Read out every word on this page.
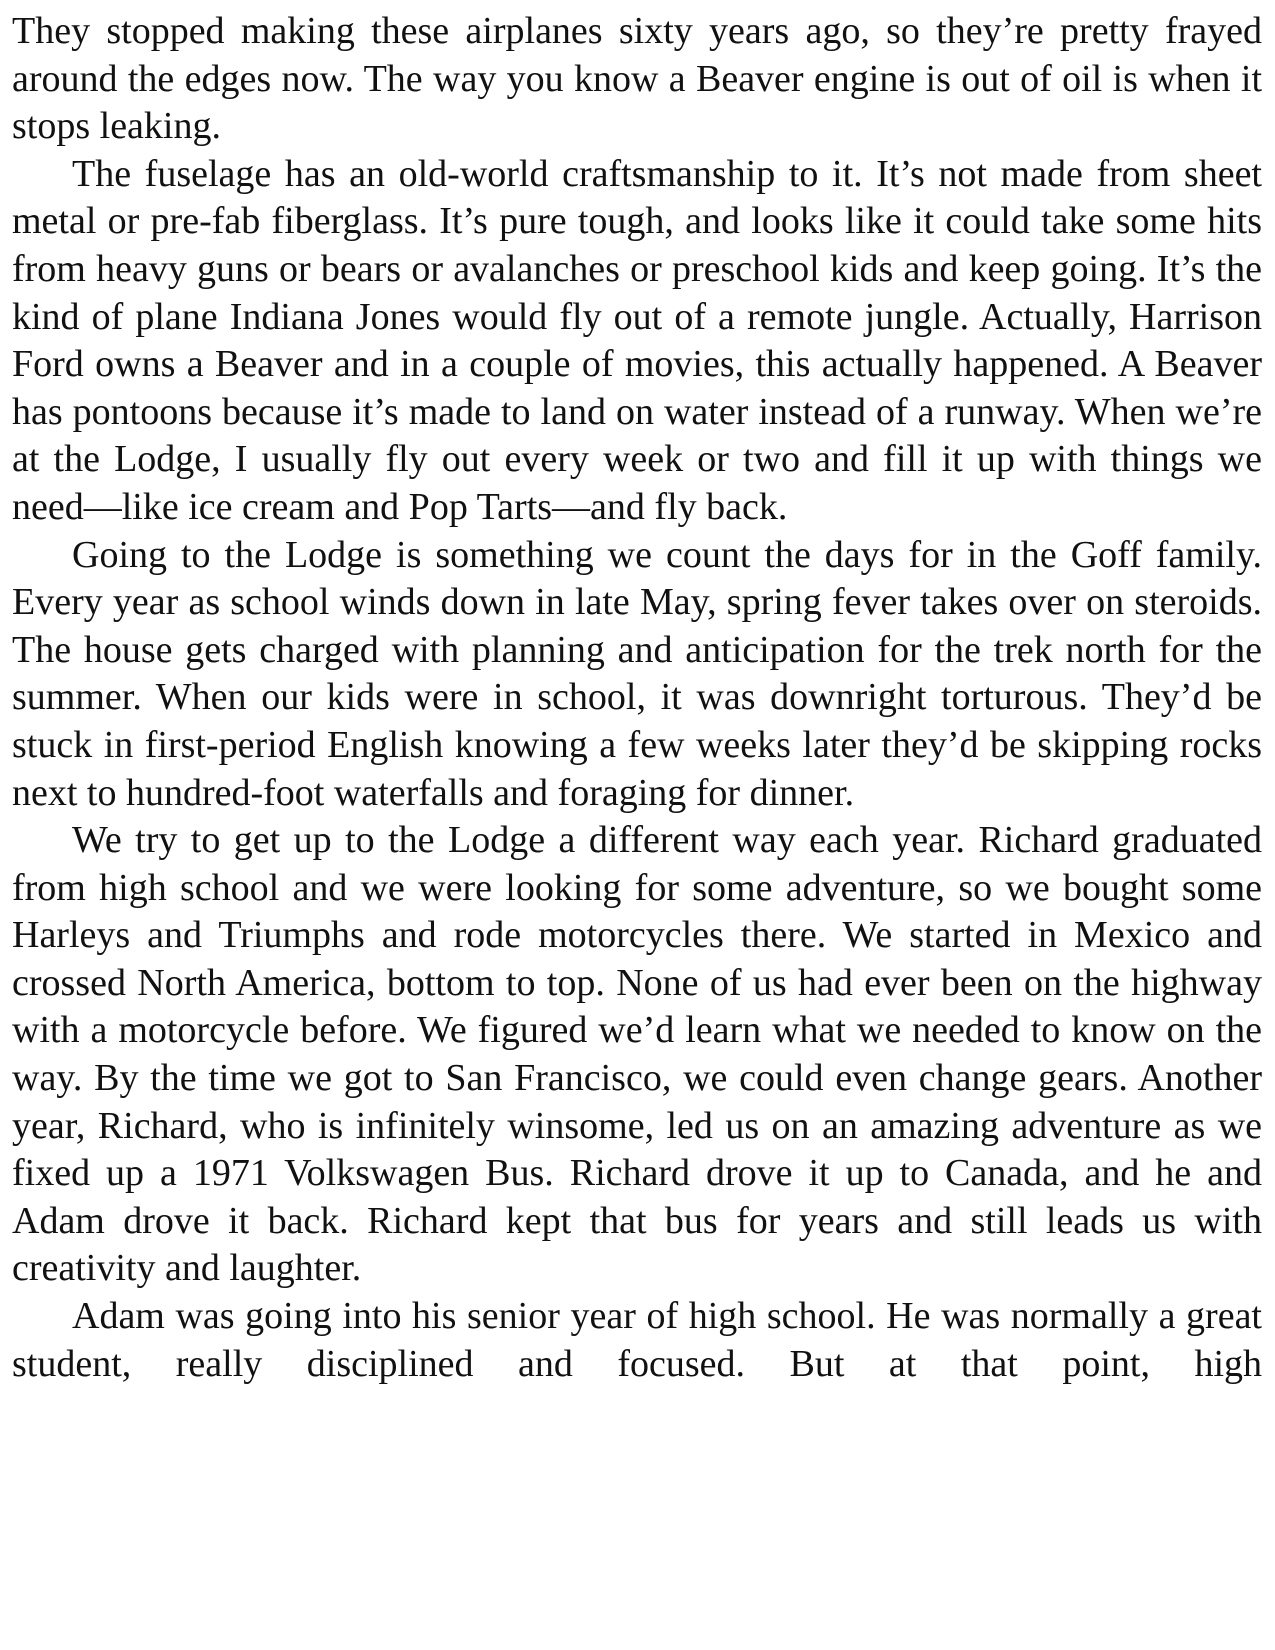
They stopped making these airplanes sixty years ago, so they’re pretty frayed around the edges now. The way you know a Beaver engine is out of oil is when it stops leaking.

The fuselage has an old-world craftsmanship to it. It’s not made from sheet metal or pre-fab fiberglass. It’s pure tough, and looks like it could take some hits from heavy guns or bears or avalanches or preschool kids and keep going. It’s the kind of plane Indiana Jones would fly out of a remote jungle. Actually, Harrison Ford owns a Beaver and in a couple of movies, this actually happened. A Beaver has pontoons because it’s made to land on water instead of a runway. When we’re at the Lodge, I usually fly out every week or two and fill it up with things we need—like ice cream and Pop Tarts—and fly back.

Going to the Lodge is something we count the days for in the Goff family. Every year as school winds down in late May, spring fever takes over on steroids. The house gets charged with planning and anticipation for the trek north for the summer. When our kids were in school, it was downright torturous. They’d be stuck in first-period English knowing a few weeks later they’d be skipping rocks next to hundred-foot waterfalls and foraging for dinner.

We try to get up to the Lodge a different way each year. Richard graduated from high school and we were looking for some adventure, so we bought some Harleys and Triumphs and rode motorcycles there. We started in Mexico and crossed North America, bottom to top. None of us had ever been on the highway with a motorcycle before. We figured we’d learn what we needed to know on the way. By the time we got to San Francisco, we could even change gears. Another year, Richard, who is infinitely winsome, led us on an amazing adventure as we fixed up a 1971 Volkswagen Bus. Richard drove it up to Canada, and he and Adam drove it back. Richard kept that bus for years and still leads us with creativity and laughter.

Adam was going into his senior year of high school. He was normally a great student, really disciplined and focused. But at that point, high
